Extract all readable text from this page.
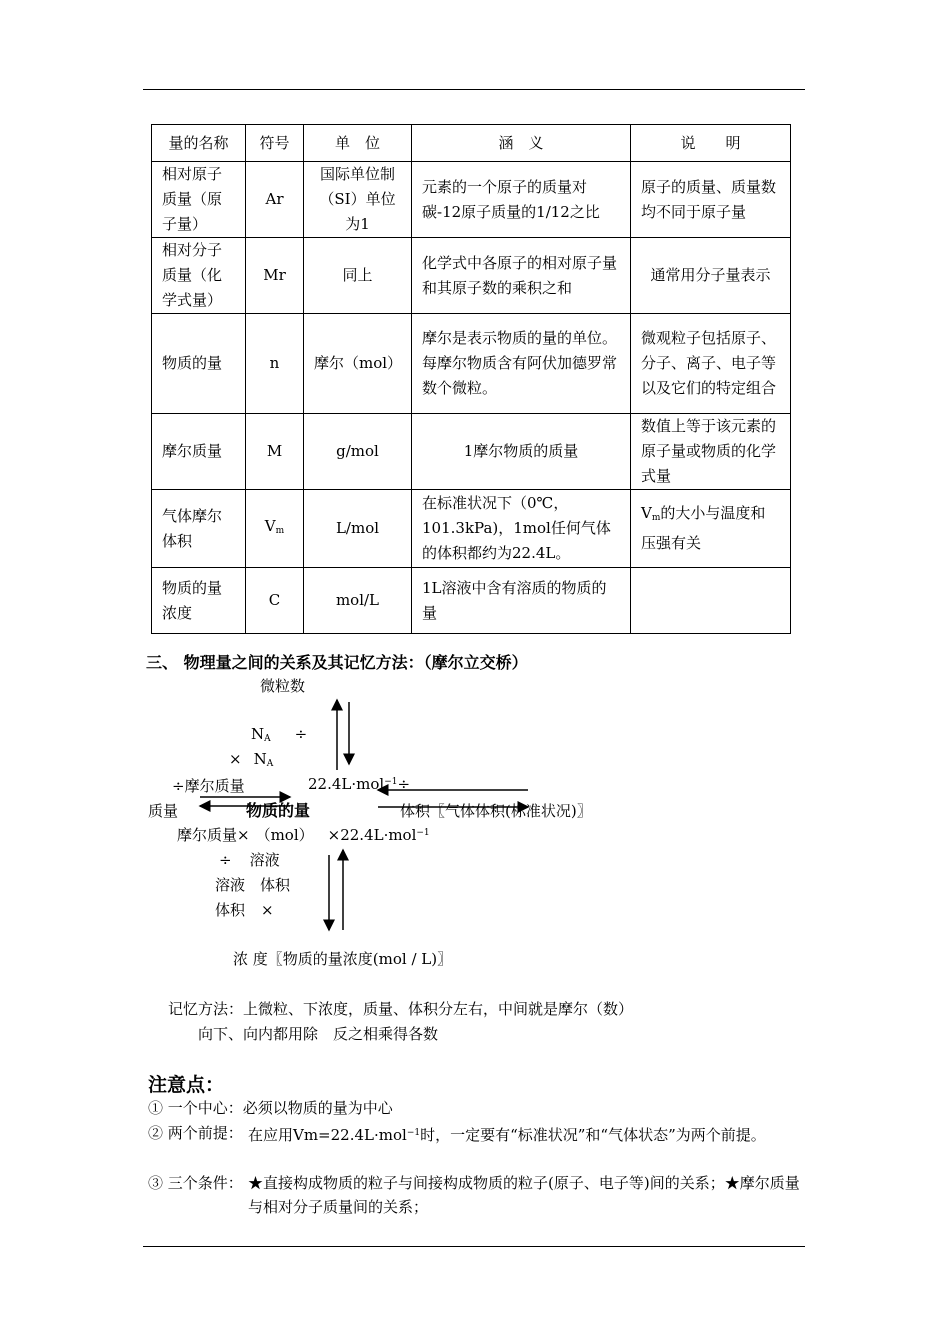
量的名称	符号	单　位	涵　义	说　　明
相对原子质量（原子量）	Ar	国际单位制（SI）单位为1	元素的一个原子的质量对碳-12原子质量的1/12之比	原子的质量、质量数均不同于原子量
相对分子质量（化学式量）	Mr	同上	化学式中各原子的相对原子量和其原子数的乘积之和	通常用分子量表示
物质的量	n	摩尔（mol）	摩尔是表示物质的量的单位。每摩尔物质含有阿伏加德罗常数个微粒。	微观粒子包括原子、分子、离子、电子等以及它们的特定组合
摩尔质量	M	g/mol	1摩尔物质的质量	数值上等于该元素的原子量或物质的化学式量
气体摩尔体积	$V_m$	L/mol	在标准状况下（0℃，101.3kPa)，1mol任何气体的体积都约为22.4L。	$V_m$的大小与温度和压强有关
物质的量浓度	C	mol/L	1L溶液中含有溶质的物质的量	
三、 物理量之间的关系及其记忆方法：（摩尔立交桥）
微粒数
$N_A$ ÷
× $N_A$
÷摩尔质量	22.4L·mol$^{-1}$÷
质量	物质的量	体积〖气体体积(标准状况)〗
摩尔质量× （mol） ×22.4L·mol$^{-1}$
÷ 溶液
溶液 体积
体积 ×
浓 度〖物质的量浓度(mol / L)〗
记忆方法：上微粒、下浓度，质量、体积分左右，中间就是摩尔（数）
向下、向内都用除　反之相乘得各数
注意点：
① 一个中心：必须以物质的量为中心
② 两个前提： 在应用Vm=22.4L·mol$^{-1}$时，一定要有“标准状况”和“气体状态”为两个前提。
③ 三个条件： ★直接构成物质的粒子与间接构成物质的粒子(原子、电子等)间的关系；★摩尔质量与相对分子质量间的关系；
